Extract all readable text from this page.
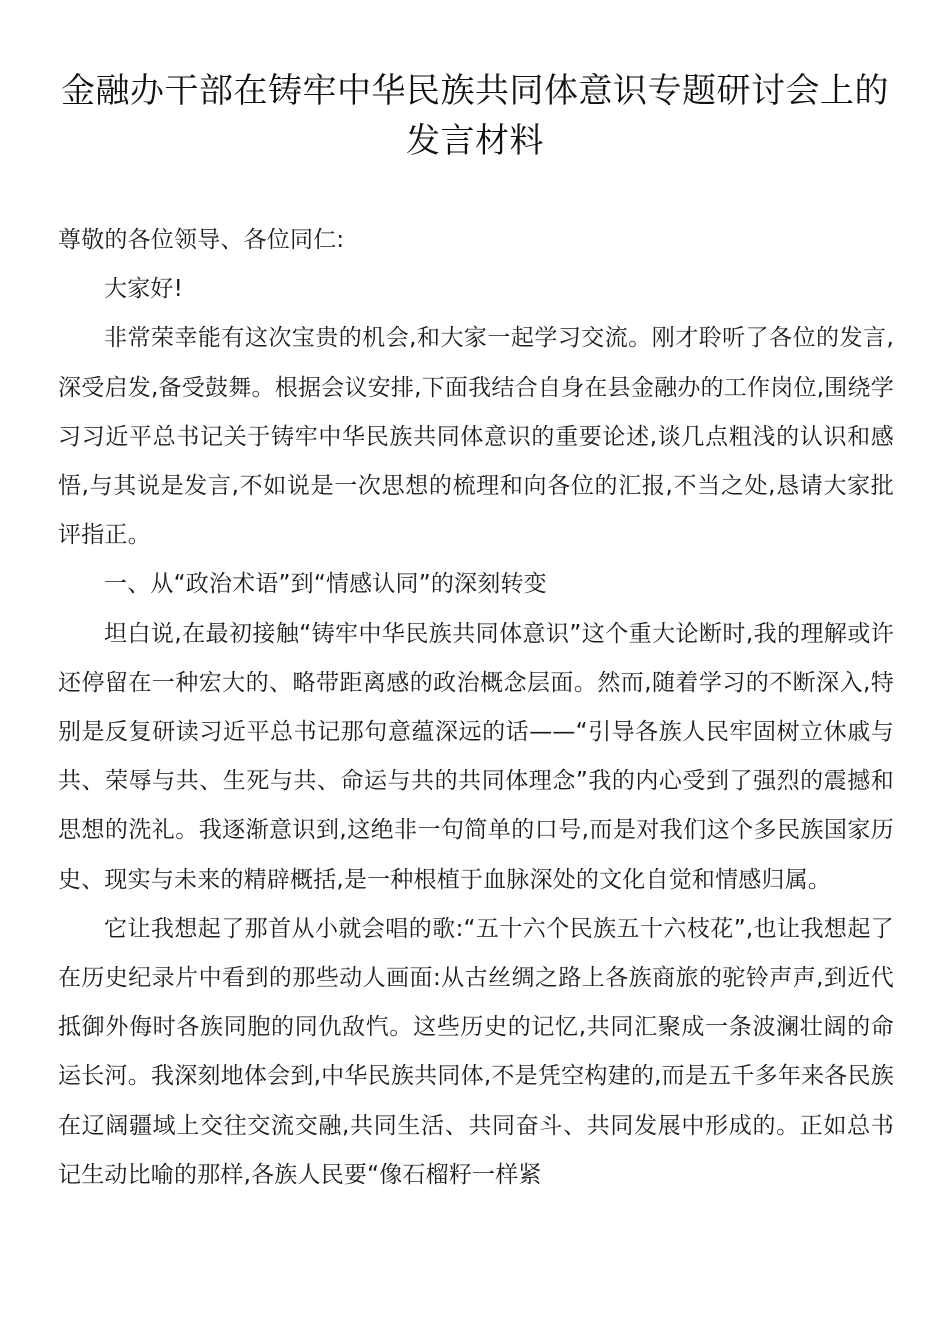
金融办干部在铸牢中华民族共同体意识专题研讨会上的发言材料

尊敬的各位领导、各位同仁:

大家好!

非常荣幸能有这次宝贵的机会,和大家一起学习交流。刚才聆听了各位的发言,深受启发,备受鼓舞。根据会议安排,下面我结合自身在县金融办的工作岗位,围绕学习习近平总书记关于铸牢中华民族共同体意识的重要论述,谈几点粗浅的认识和感悟,与其说是发言,不如说是一次思想的梳理和向各位的汇报,不当之处,恳请大家批评指正。

一、从“政治术语”到“情感认同”的深刻转变

坦白说,在最初接触“铸牢中华民族共同体意识”这个重大论断时,我的理解或许还停留在一种宏大的、略带距离感的政治概念层面。然而,随着学习的不断深入,特别是反复研读习近平总书记那句意蕴深远的话——“引导各族人民牢固树立休戚与共、荣辱与共、生死与共、命运与共的共同体理念”我的内心受到了强烈的震撼和思想的洗礼。我逐渐意识到,这绝非一句简单的口号,而是对我们这个多民族国家历史、现实与未来的精辟概括,是一种根植于血脉深处的文化自觉和情感归属。

它让我想起了那首从小就会唱的歌:“五十六个民族五十六枝花”,也让我想起了在历史纪录片中看到的那些动人画面:从古丝绸之路上各族商旅的驼铃声声,到近代抵御外侮时各族同胞的同仇敌忾。这些历史的记忆,共同汇聚成一条波澜壮阔的命运长河。我深刻地体会到,中华民族共同体,不是凭空构建的,而是五千多年来各民族在辽阔疆域上交往交流交融,共同生活、共同奋斗、共同发展中形成的。正如总书记生动比喻的那样,各族人民要“像石榴籽一样紧
